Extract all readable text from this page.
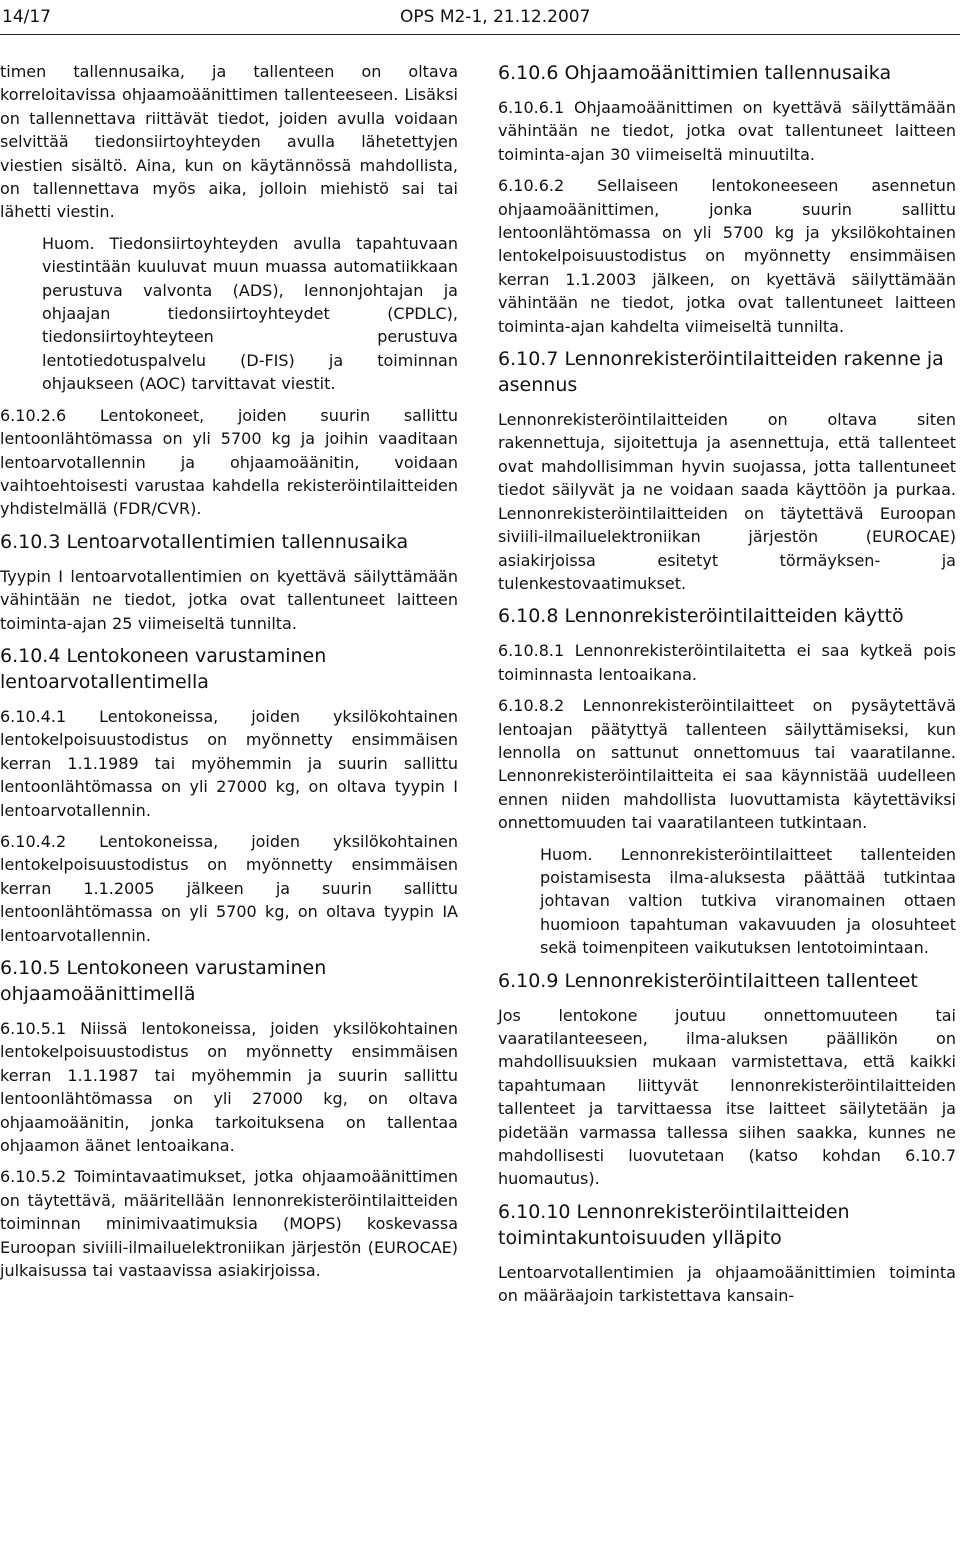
14/17	OPS M2-1, 21.12.2007

timen tallennusaika, ja tallenteen on oltava korreloitavissa ohjaamoäänittimen tallenteeseen. Lisäksi on tallennettava riittävät tiedot, joiden avulla voidaan selvittää tiedonsiirtoyhteyden avulla lähetettyjen viestien sisältö. Aina, kun on käytännössä mahdollista, on tallennettava myös aika, jolloin miehistö sai tai lähetti viestin.

Huom. Tiedonsiirtoyhteyden avulla tapahtuvaan viestintään kuuluvat muun muassa automatiikkaan perustuva valvonta (ADS), lennonjohtajan ja ohjaajan tiedonsiirtoyhteydet (CPDLC), tiedonsiirtoyhteyteen perustuva lentotiedotuspalvelu (D-FIS) ja toiminnan ohjaukseen (AOC) tarvittavat viestit.

6.10.2.6 Lentokoneet, joiden suurin sallittu lentoonlähtömassa on yli 5700 kg ja joihin vaaditaan lentoarvotallennin ja ohjaamoäänitin, voidaan vaihtoehtoisesti varustaa kahdella rekisteröintilaitteiden yhdistelmällä (FDR/CVR).

6.10.3 Lentoarvotallentimien tallennusaika

Tyypin I lentoarvotallentimien on kyettävä säilyttämään vähintään ne tiedot, jotka ovat tallentuneet laitteen toiminta-ajan 25 viimeiseltä tunnilta.

6.10.4 Lentokoneen varustaminen lentoarvotallentimella

6.10.4.1 Lentokoneissa, joiden yksilökohtainen lentokelpoisuustodistus on myönnetty ensimmäisen kerran 1.1.1989 tai myöhemmin ja suurin sallittu lentoonlähtömassa on yli 27000 kg, on oltava tyypin I lentoarvotallennin.

6.10.4.2 Lentokoneissa, joiden yksilökohtainen lentokelpoisuustodistus on myönnetty ensimmäisen kerran 1.1.2005 jälkeen ja suurin sallittu lentoonlähtömassa on yli 5700 kg, on oltava tyypin IA lentoarvotallennin.

6.10.5 Lentokoneen varustaminen ohjaamoäänittimellä

6.10.5.1 Niissä lentokoneissa, joiden yksilökohtainen lentokelpoisuustodistus on myönnetty ensimmäisen kerran 1.1.1987 tai myöhemmin ja suurin sallittu lentoonlähtömassa on yli 27000 kg, on oltava ohjaamoäänitin, jonka tarkoituksena on tallentaa ohjaamon äänet lentoaikana.

6.10.5.2 Toimintavaatimukset, jotka ohjaamoäänittimen on täytettävä, määritellään lennonrekisteröintilaitteiden toiminnan minimivaatimuksia (MOPS) koskevassa Euroopan siviili-ilmailuelektroniikan järjestön (EUROCAE) julkaisussa tai vastaavissa asiakirjoissa.

6.10.6 Ohjaamoäänittimien tallennusaika

6.10.6.1 Ohjaamoäänittimen on kyettävä säilyttämään vähintään ne tiedot, jotka ovat tallentuneet laitteen toiminta-ajan 30 viimeiseltä minuutilta.

6.10.6.2 Sellaiseen lentokoneeseen asennetun ohjaamoäänittimen, jonka suurin sallittu lentoonlähtömassa on yli 5700 kg ja yksilökohtainen lentokelpoisuustodistus on myönnetty ensimmäisen kerran 1.1.2003 jälkeen, on kyettävä säilyttämään vähintään ne tiedot, jotka ovat tallentuneet laitteen toiminta-ajan kahdelta viimeiseltä tunnilta.

6.10.7 Lennonrekisteröintilaitteiden rakenne ja asennus

Lennonrekisteröintilaitteiden on oltava siten rakennettuja, sijoitettuja ja asennettuja, että tallenteet ovat mahdollisimman hyvin suojassa, jotta tallentuneet tiedot säilyvät ja ne voidaan saada käyttöön ja purkaa. Lennonrekisteröintilaitteiden on täytettävä Euroopan siviili-ilmailuelektroniikan järjestön (EUROCAE) asiakirjoissa esitetyt törmäyksen- ja tulenkestovaatimukset.

6.10.8 Lennonrekisteröintilaitteiden käyttö

6.10.8.1 Lennonrekisteröintilaitetta ei saa kytkeä pois toiminnasta lentoaikana.

6.10.8.2 Lennonrekisteröintilaitteet on pysäytettävä lentoajan päätyttyä tallenteen säilyttämiseksi, kun lennolla on sattunut onnettomuus tai vaaratilanne. Lennonrekisteröintilaitteita ei saa käynnistää uudelleen ennen niiden mahdollista luovuttamista käytettäviksi onnettomuuden tai vaaratilanteen tutkintaan.

Huom. Lennonrekisteröintilaitteet tallenteiden poistamisesta ilma-aluksesta päättää tutkintaa johtavan valtion tutkiva viranomainen ottaen huomioon tapahtuman vakavuuden ja olosuhteet sekä toimenpiteen vaikutuksen lentotoimintaan.

6.10.9 Lennonrekisteröintilaitteen tallenteet

Jos lentokone joutuu onnettomuuteen tai vaaratilanteeseen, ilma-aluksen päällikön on mahdollisuuksien mukaan varmistettava, että kaikki tapahtumaan liittyvät lennonrekisteröintilaitteiden tallenteet ja tarvittaessa itse laitteet säilytetään ja pidetään varmassa tallessa siihen saakka, kunnes ne mahdollisesti luovutetaan (katso kohdan 6.10.7 huomautus).

6.10.10 Lennonrekisteröintilaitteiden toimintakuntoisuuden ylläpito

Lentoarvotallentimien ja ohjaamoäänittimien toiminta on määräajoin tarkistettava kansain-
